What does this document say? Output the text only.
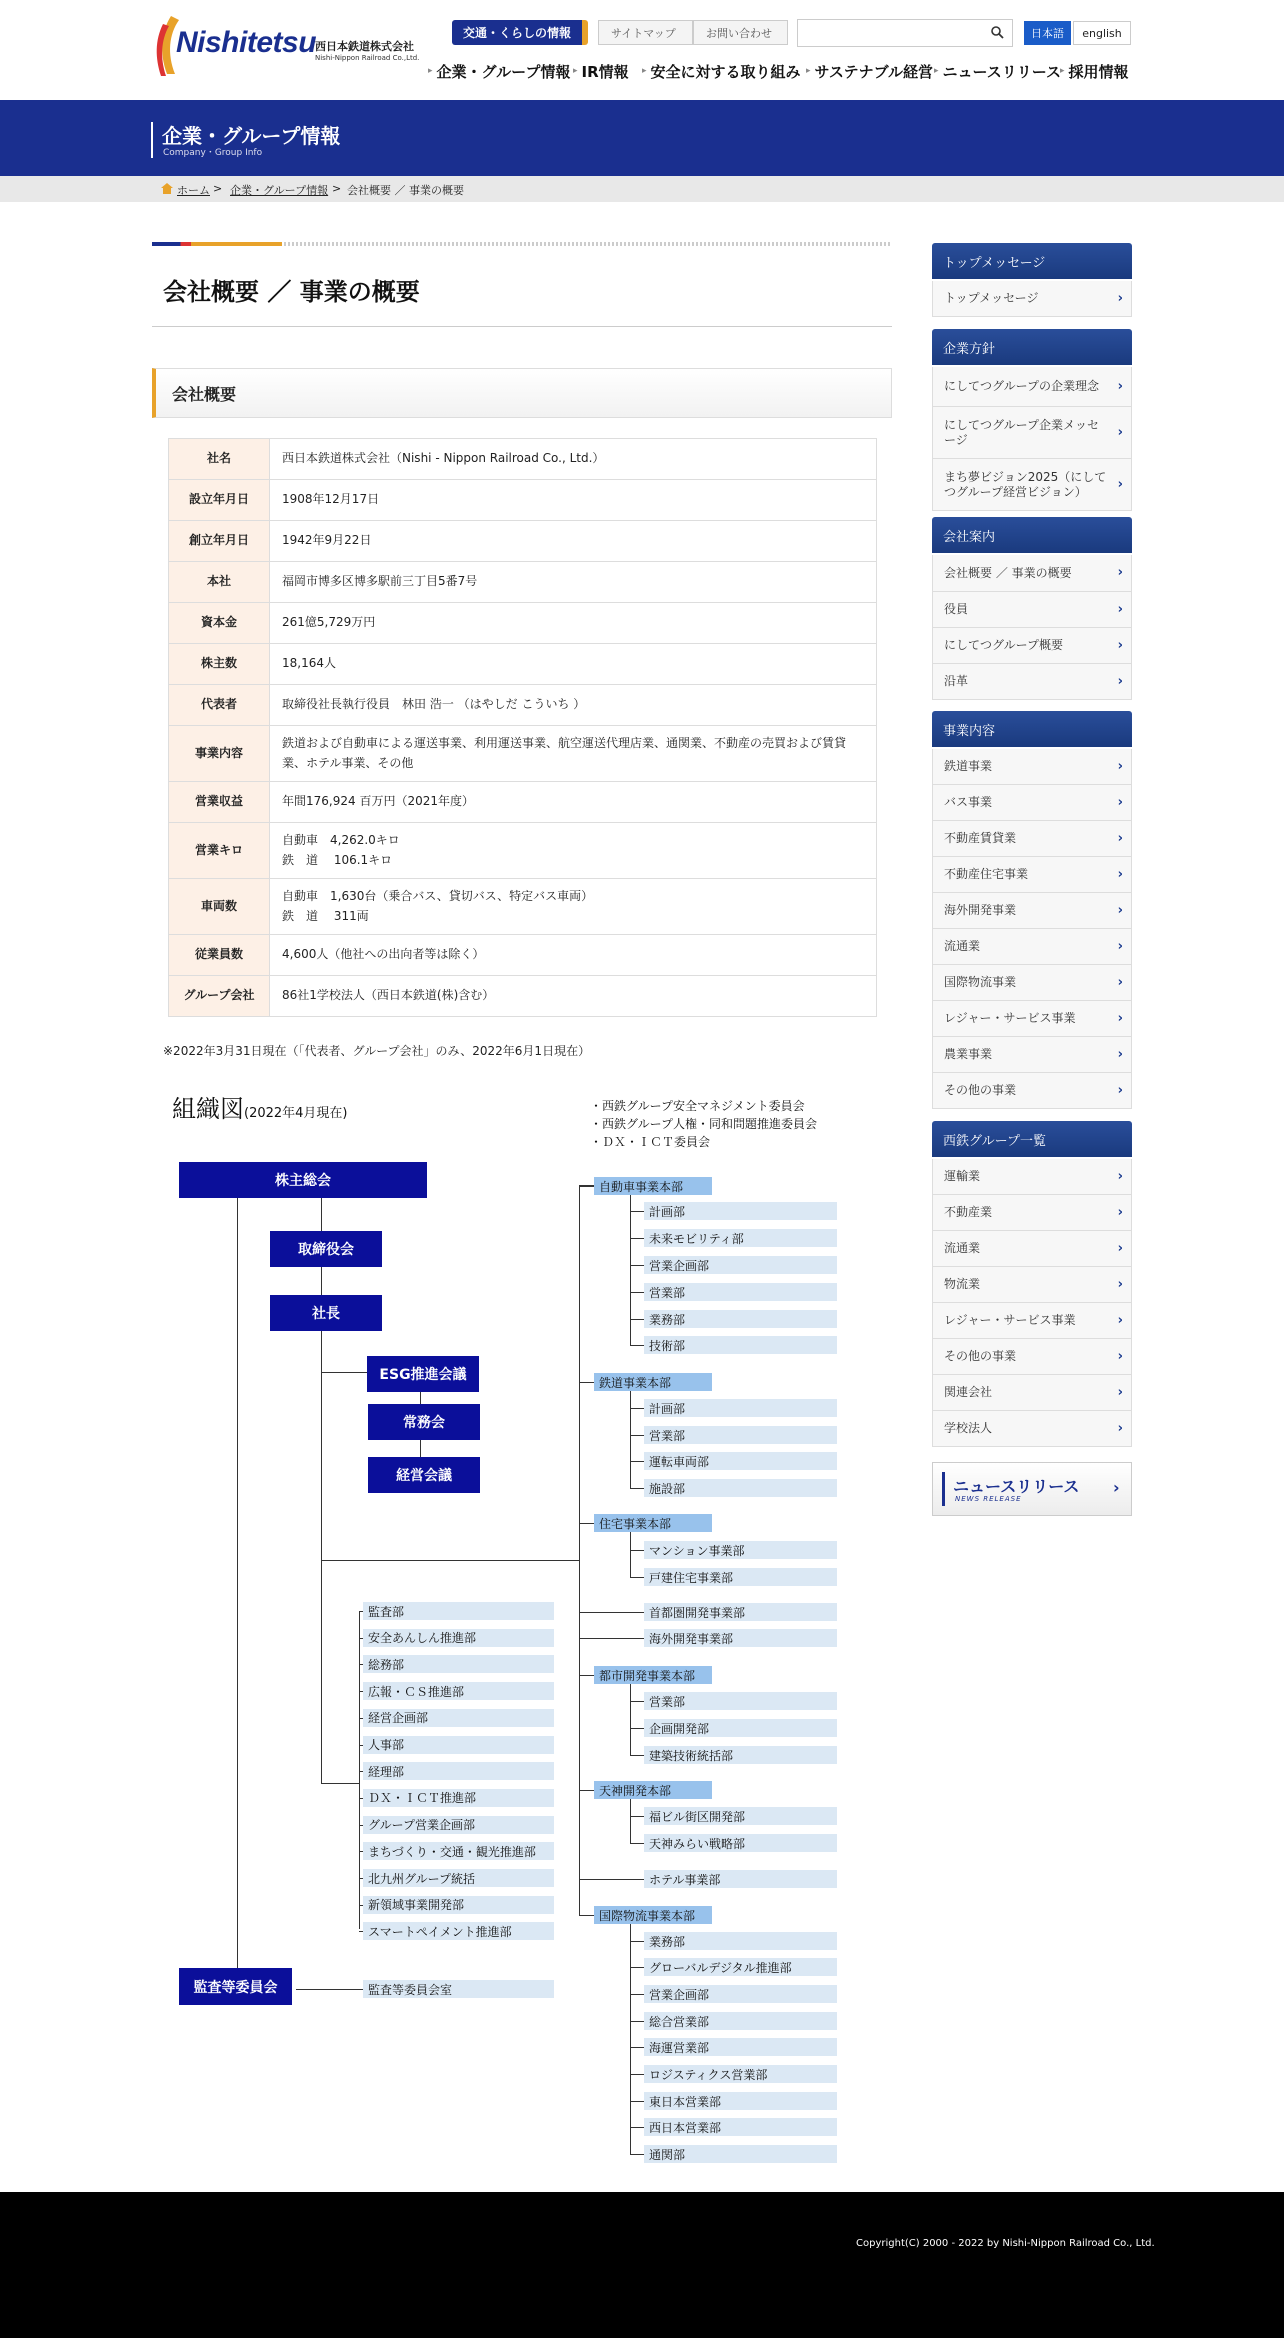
Nishitetsu
西日本鉄道株式会社
Nishi-Nippon Railroad Co.,Ltd.
交通・くらしの情報	サイトマップ	お問い合わせ	日本語	english
▸ 企業・グループ情報 ▸ IR情報	▸ 安全に対する取り組み ▸ サステナブル経営 ▸ ニュースリリース ▸ 採用情報
企業・グループ情報
Company・Group Info
ホーム > 企業・グループ情報 > 会社概要 ／ 事業の概要
会社概要 ／ 事業の概要
会社概要
社名	西日本鉄道株式会社（Nishi - Nippon Railroad Co., Ltd.）
設立年月日	1908年12月17日
創立年月日	1942年9月22日
本社	福岡市博多区博多駅前三丁目5番7号
資本金	261億5,729万円
株主数	18,164人
代表者	取締役社長執行役員　林田 浩一 （はやしだ こういち ）
事業内容	鉄道および自動車による運送事業、利用運送事業、航空運送代理店業、通関業、不動産の売買および賃貸業、ホテル事業、その他
営業収益	年間176,924 百万円（2021年度）
営業キロ	自動車　4,262.0キロ
鉄　道　 106.1キロ

車両数	自動車　1,630台（乗合バス、貸切バス、特定バス車両）
鉄　道　 311両

従業員数	4,600人（他社への出向者等は除く）
グループ会社	86社1学校法人（西日本鉄道(株)含む）
※2022年3月31日現在（「代表者、グループ会社」のみ、2022年6月1日現在）
組織図(2022年4月現在)	・西鉄グループ安全マネジメント委員会
・西鉄グループ人権・同和問題推進委員会
・ＤＸ・ＩＣＴ委員会
株主総会
取締役会
社長
ESG推進会議
常務会
経営会議
監査等委員会	監査等委員会室
監査部
安全あんしん推進部
総務部
広報・ＣＳ推進部
経営企画部
人事部
経理部
ＤＸ・ＩＣＴ推進部
グループ営業企画部
まちづくり・交通・観光推進部
北九州グループ統括
新領域事業開発部
スマートペイメント推進部
自動車事業本部
計画部
未来モビリティ部
営業企画部
営業部
業務部
技術部
鉄道事業本部
計画部
営業部
運転車両部
施設部
住宅事業本部
マンション事業部
戸建住宅事業部
首都圏開発事業部
海外開発事業部
都市開発事業本部
営業部
企画開発部
建築技術統括部
天神開発本部
福ビル街区開発部
天神みらい戦略部
ホテル事業部
国際物流事業本部
業務部
グローバルデジタル推進部
営業企画部
総合営業部
海運営業部
ロジスティクス営業部
東日本営業部
西日本営業部
通関部
トップメッセージ
トップメッセージ	›
企業方針
にしてつグループの企業理念 ›
にしてつグループ企業メッセージ
›
まち夢ビジョン2025（にしてつグループ経営ビジョン）
›
会社案内
会社概要 ／ 事業の概要	›
役員	›
にしてつグループ概要	›
沿革	›
事業内容
鉄道事業	›
バス事業	›
不動産賃貸業	›
不動産住宅事業	›
海外開発事業	›
流通業	›
国際物流事業	›
レジャー・サービス事業	›
農業事業	›
その他の事業	›
西鉄グループ一覧
運輸業	›
不動産業	›
流通業	›
物流業	›
レジャー・サービス事業	›
その他の事業	›
関連会社	›
学校法人	›
ニュースリリース
NEWS RELEASE
›
Copyright(C) 2000 - 2022 by Nishi-Nippon Railroad Co., Ltd.
